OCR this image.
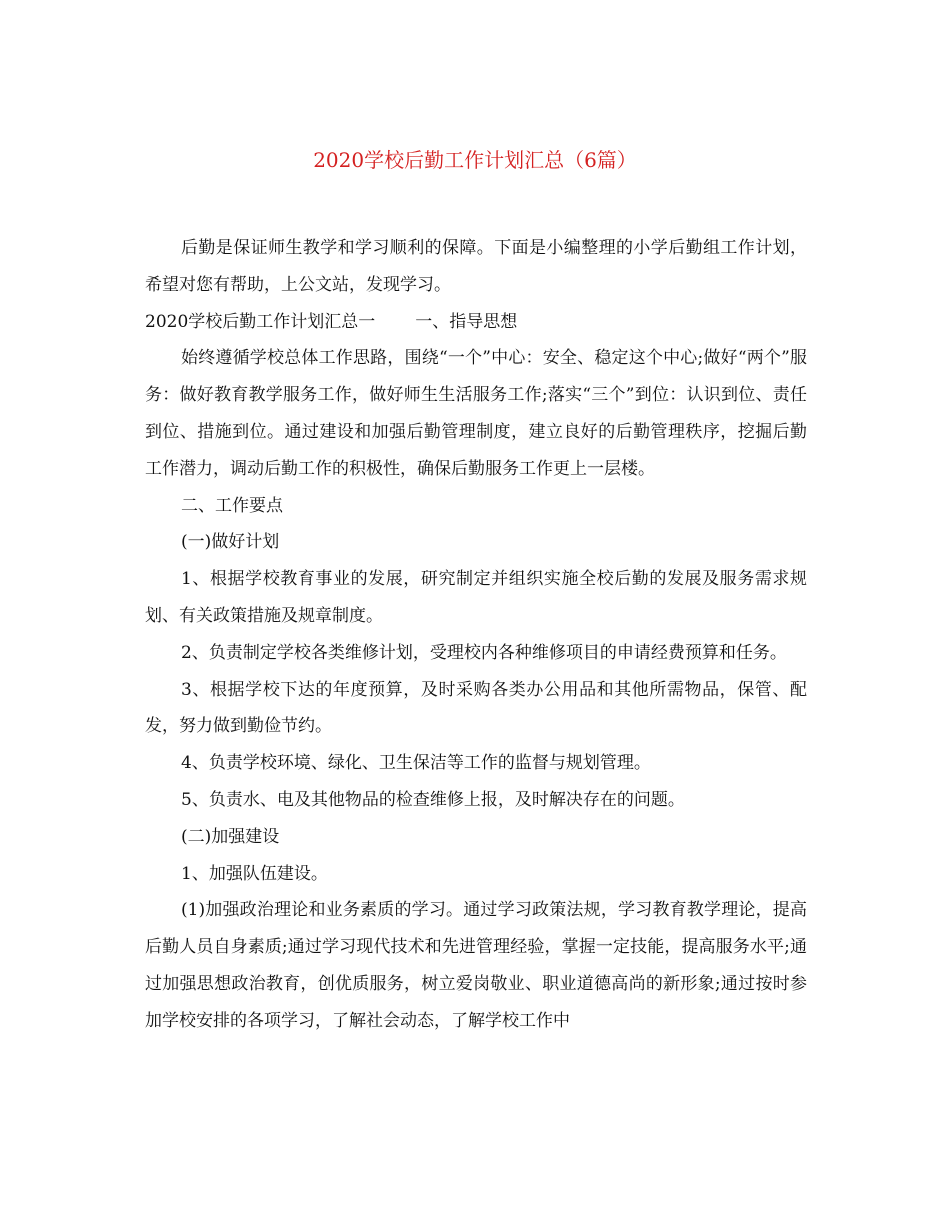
2020学校后勤工作计划汇总（6篇）

后勤是保证师生教学和学习顺利的保障。下面是小编整理的小学后勤组工作计划，希望对您有帮助，上公文站，发现学习。

2020学校后勤工作计划汇总一 一、指导思想

始终遵循学校总体工作思路，围绕“一个”中心：安全、稳定这个中心;做好“两个”服务：做好教育教学服务工作，做好师生生活服务工作;落实“三个”到位：认识到位、责任到位、措施到位。通过建设和加强后勤管理制度，建立良好的后勤管理秩序，挖掘后勤工作潜力，调动后勤工作的积极性，确保后勤服务工作更上一层楼。

二、工作要点

(一)做好计划

1、根据学校教育事业的发展，研究制定并组织实施全校后勤的发展及服务需求规划、有关政策措施及规章制度。

2、负责制定学校各类维修计划，受理校内各种维修项目的申请经费预算和任务。

3、根据学校下达的年度预算，及时采购各类办公用品和其他所需物品，保管、配发，努力做到勤俭节约。

4、负责学校环境、绿化、卫生保洁等工作的监督与规划管理。

5、负责水、电及其他物品的检查维修上报，及时解决存在的问题。

(二)加强建设

1、加强队伍建设。

(1)加强政治理论和业务素质的学习。通过学习政策法规，学习教育教学理论，提高后勤人员自身素质;通过学习现代技术和先进管理经验，掌握一定技能，提高服务水平;通过加强思想政治教育，创优质服务，树立爱岗敬业、职业道德高尚的新形象;通过按时参加学校安排的各项学习，了解社会动态，了解学校工作中
